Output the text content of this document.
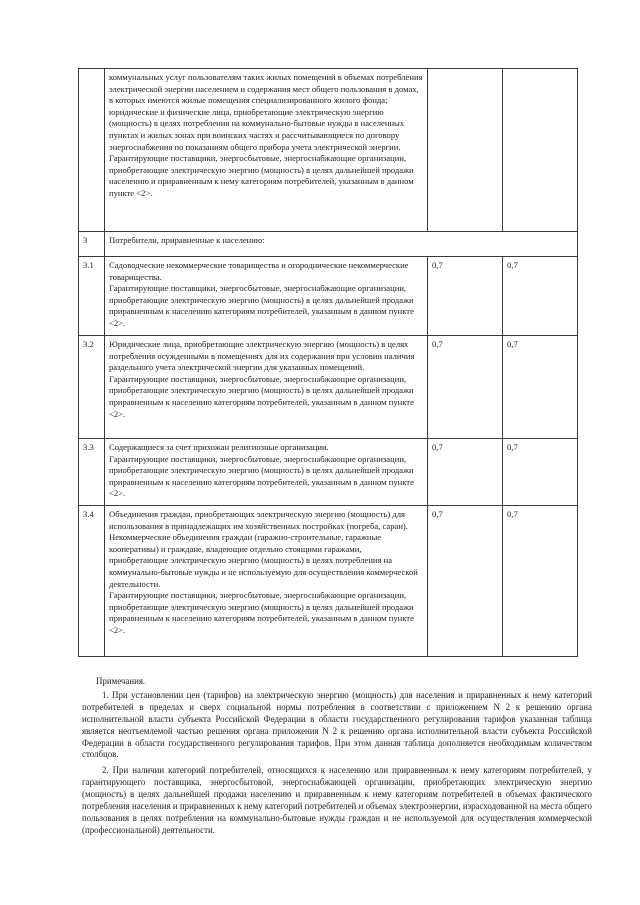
	коммунальных услуг пользователям таких жилых помещений в объемах потребления электрической энергии населением и содержания мест общего пользования в домах, в которых имеются жилые помещения специализированного жилого фонда;

юридические и физические лица, приобретающие электрическую энергию (мощность) в целях потребления на коммунально-бытовые нужды в населенных пунктах и жилых зонах при воинских частях и рассчитывающиеся по договору энергоснабжения по показаниям общего прибора учета электрической энергии.

Гарантирующие поставщики, энергосбытовые, энергоснабжающие организации, приобретающие электрическую энергию (мощность) в целях дальнейшей продажи населению и приравненным к нему категориям потребителей, указанным в данном пункте <2>.		

3	Потребители, приравненные к населению:		
3.1	Садоводческие некоммерческие товарищества и огороднические некоммерческие товарищества.

Гарантирующие поставщики, энергосбытовые, энергоснабжающие организации, приобретающие электрическую энергию (мощность) в целях дальнейшей продажи приравненным к населению категориям потребителей, указанным в данном пункте <2>.	0,7	0,7
3.2	Юридические лица, приобретающие электрическую энергию (мощность) в целях потребления осужденными в помещениях для их содержания при условии наличия раздельного учета электрической энергии для указанных помещений.

Гарантирующие поставщики, энергосбытовые, энергоснабжающие организации, приобретающие электрическую энергию (мощность) в целях дальнейшей продажи приравненным к населению категориям потребителей, указанным в данном пункте <2>.	0,7	0,7
3.3	Содержащиеся за счет прихожан религиозные организации.

Гарантирующие поставщики, энергосбытовые, энергоснабжающие организации, приобретающие электрическую энергию (мощность) в целях дальнейшей продажи приравненным к населению категориям потребителей, указанным в данном пункте <2>.	0,7	0,7
3.4	Объединения граждан, приобретающих электрическую энергию (мощность) для использования в принадлежащих им хозяйственных постройках (погреба, сараи).

Некоммерческие объединения граждан (гаражно-строительные, гаражные кооперативы) и граждане, владеющие отдельно стоящими гаражами, приобретающие электрическую энергию (мощность) в целях потребления на коммунально-бытовые нужды и не используемую для осуществления коммерческой деятельности.

Гарантирующие поставщики, энергосбытовые, энергоснабжающие организации, приобретающие электрическую энергию (мощность) в целях дальнейшей продажи приравненным к населению категориям потребителей, указанным в данном пункте <2>.	0,7	0,7

Примечания.

1. При установлении цен (тарифов) на электрическую энергию (мощность) для населения и приравненных к нему категорий потребителей в пределах и сверх социальной нормы потребления в соответствии с приложением N 2 к решению органа исполнительной власти субъекта Российской Федерации в области государственного регулирования тарифов указанная таблица является неотъемлемой частью решения органа приложения N 2 к решению органа исполнительной власти субъекта Российской Федерации в области государственного регулирования тарифов. При этом данная таблица дополняется необходимым количеством столбцов.

2. При наличии категорий потребителей, относящихся к населению или приравненным к нему категориям потребителей, у гарантирующего поставщика, энергосбытовой, энергоснабжающей организации, приобретающих электрическую энергию (мощность) в целях дальнейшей продажи населению и приравненным к нему категориям потребителей в объемах фактического потребления населения и приравненных к нему категорий потребителей и объемах электроэнергии, израсходованной на места общего пользования в целях потребления на коммунально-бытовые нужды граждан и не используемой для осуществления коммерческой (профессиональной) деятельности.
